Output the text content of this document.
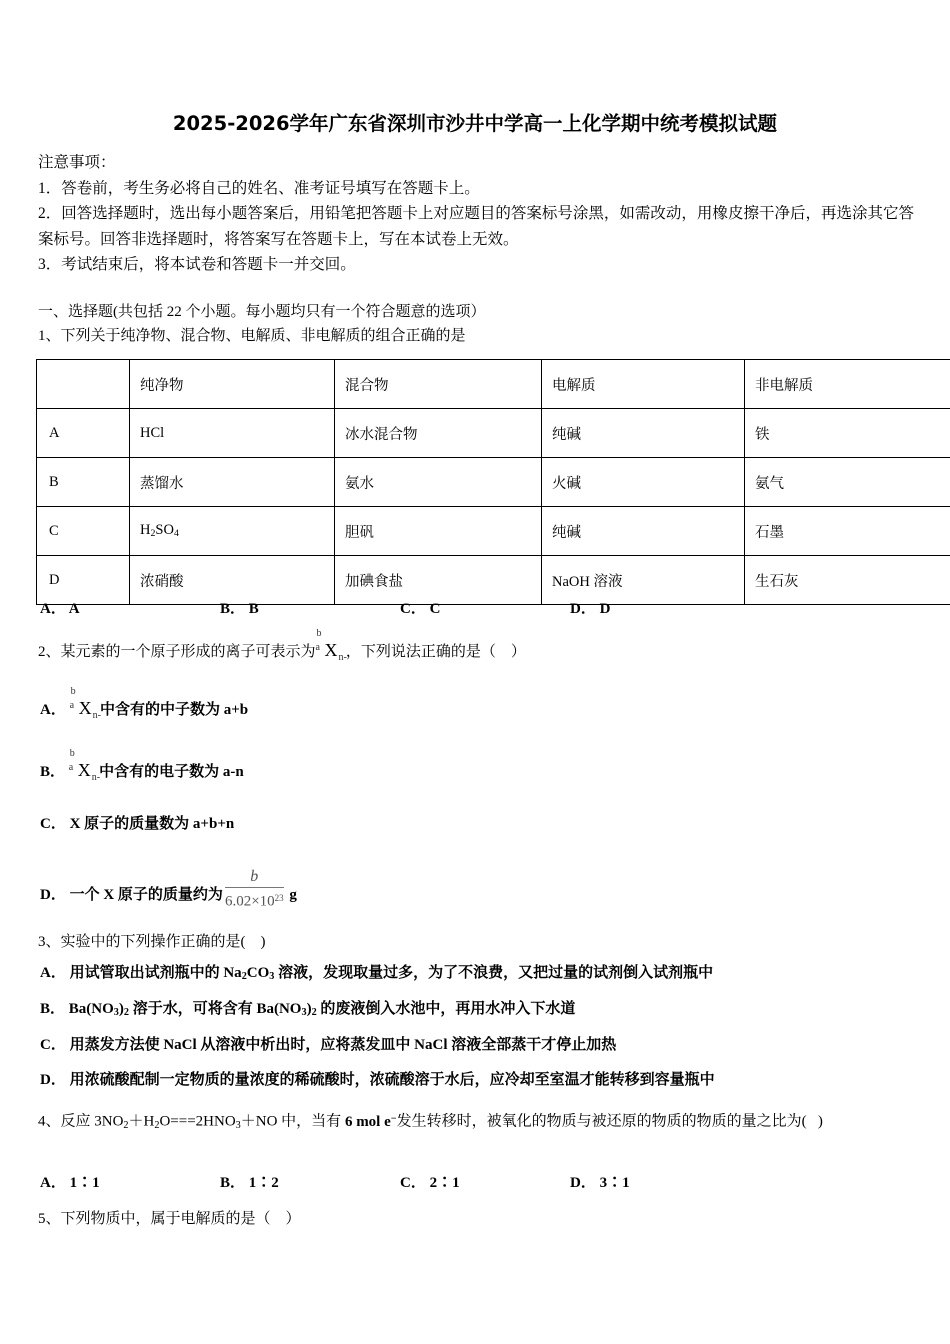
2025-2026学年广东省深圳市沙井中学高一上化学期中统考模拟试题
注意事项：
1．答卷前，考生务必将自己的姓名、准考证号填写在答题卡上。
2．回答选择题时，选出每小题答案后，用铅笔把答题卡上对应题目的答案标号涂黑，如需改动，用橡皮擦干净后，再选涂其它答案标号。回答非选择题时，将答案写在答题卡上，写在本试卷上无效。
3．考试结束后，将本试卷和答题卡一并交回。
一、选择题(共包括 22 个小题。每小题均只有一个符合题意的选项）
1、下列关于纯净物、混合物、电解质、非电解质的组合正确的是
	纯净物	混合物	电解质	非电解质
A	HCl	冰水混合物	纯碱	铁
B	蒸馏水	氨水	火碱	氨气
C	$H_2SO_4$	胆矾	纯碱	石墨
D	浓硝酸	加碘食盐	NaOH 溶液	生石灰
A． A	B． B	C． C	D． D
2、某元素的一个原子形成的离子可表示为
b
a $X_{n-}$，下列说法正确的是（　）
A．
b
a $X_{n-}$中含有的中子数为 a+b
B．
b
a $X_{n-}$中含有的电子数为 a-n
C． X 原子的质量数为 a+b+n
D． 一个 X 原子的质量约为 $\frac{b}{6.02\times 10^{23}}$ g
3、实验中的下列操作正确的是(　)
A． 用试管取出试剂瓶中的 $Na_2CO_3$ 溶液，发现取量过多，为了不浪费，又把过量的试剂倒入试剂瓶中
B． $Ba(NO_3)_2$ 溶于水，可将含有 $Ba(NO_3)_2$ 的废液倒入水池中，再用水冲入下水道
C． 用蒸发方法使 NaCl 从溶液中析出时，应将蒸发皿中 NaCl 溶液全部蒸干才停止加热
D． 用浓硫酸配制一定物质的量浓度的稀硫酸时，浓硫酸溶于水后，应冷却至室温才能转移到容量瓶中
4、反应 $3NO_2+H_2O===2HNO_3+NO$ 中，当有 6 mol e−发生转移时，被氧化的物质与被还原的物质的物质的量之比为(   )
A． 1∶1	B． 1∶2	C． 2∶1	D． 3∶1
5、下列物质中，属于电解质的是（　）
